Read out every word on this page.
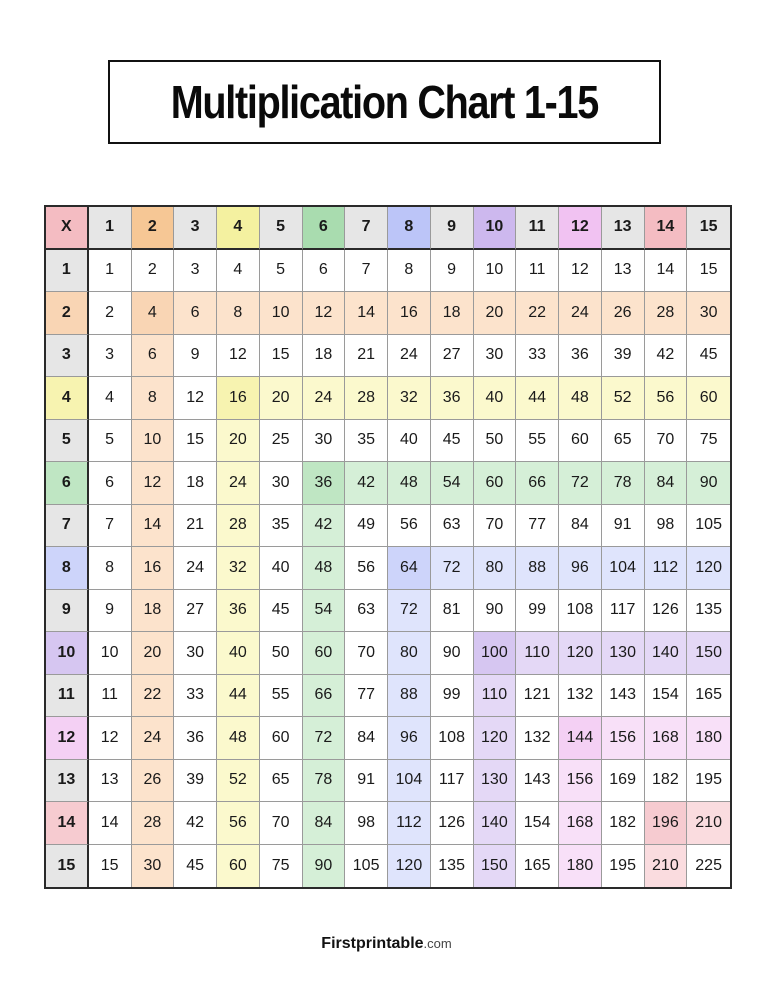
Multiplication Chart 1-15
X	1	2	3	4	5	6	7	8	9	10	11	12	13	14	15
1	1	2	3	4	5	6	7	8	9	10	11	12	13	14	15
2	2	4	6	8	10	12	14	16	18	20	22	24	26	28	30
3	3	6	9	12	15	18	21	24	27	30	33	36	39	42	45
4	4	8	12	16	20	24	28	32	36	40	44	48	52	56	60
5	5	10	15	20	25	30	35	40	45	50	55	60	65	70	75
6	6	12	18	24	30	36	42	48	54	60	66	72	78	84	90
7	7	14	21	28	35	42	49	56	63	70	77	84	91	98	105
8	8	16	24	32	40	48	56	64	72	80	88	96	104	112	120
9	9	18	27	36	45	54	63	72	81	90	99	108	117	126	135
10	10	20	30	40	50	60	70	80	90	100	110	120	130	140	150
11	11	22	33	44	55	66	77	88	99	110	121	132	143	154	165
12	12	24	36	48	60	72	84	96	108	120	132	144	156	168	180
13	13	26	39	52	65	78	91	104	117	130	143	156	169	182	195
14	14	28	42	56	70	84	98	112	126	140	154	168	182	196	210
15	15	30	45	60	75	90	105	120	135	150	165	180	195	210	225
Firstprintable.com
